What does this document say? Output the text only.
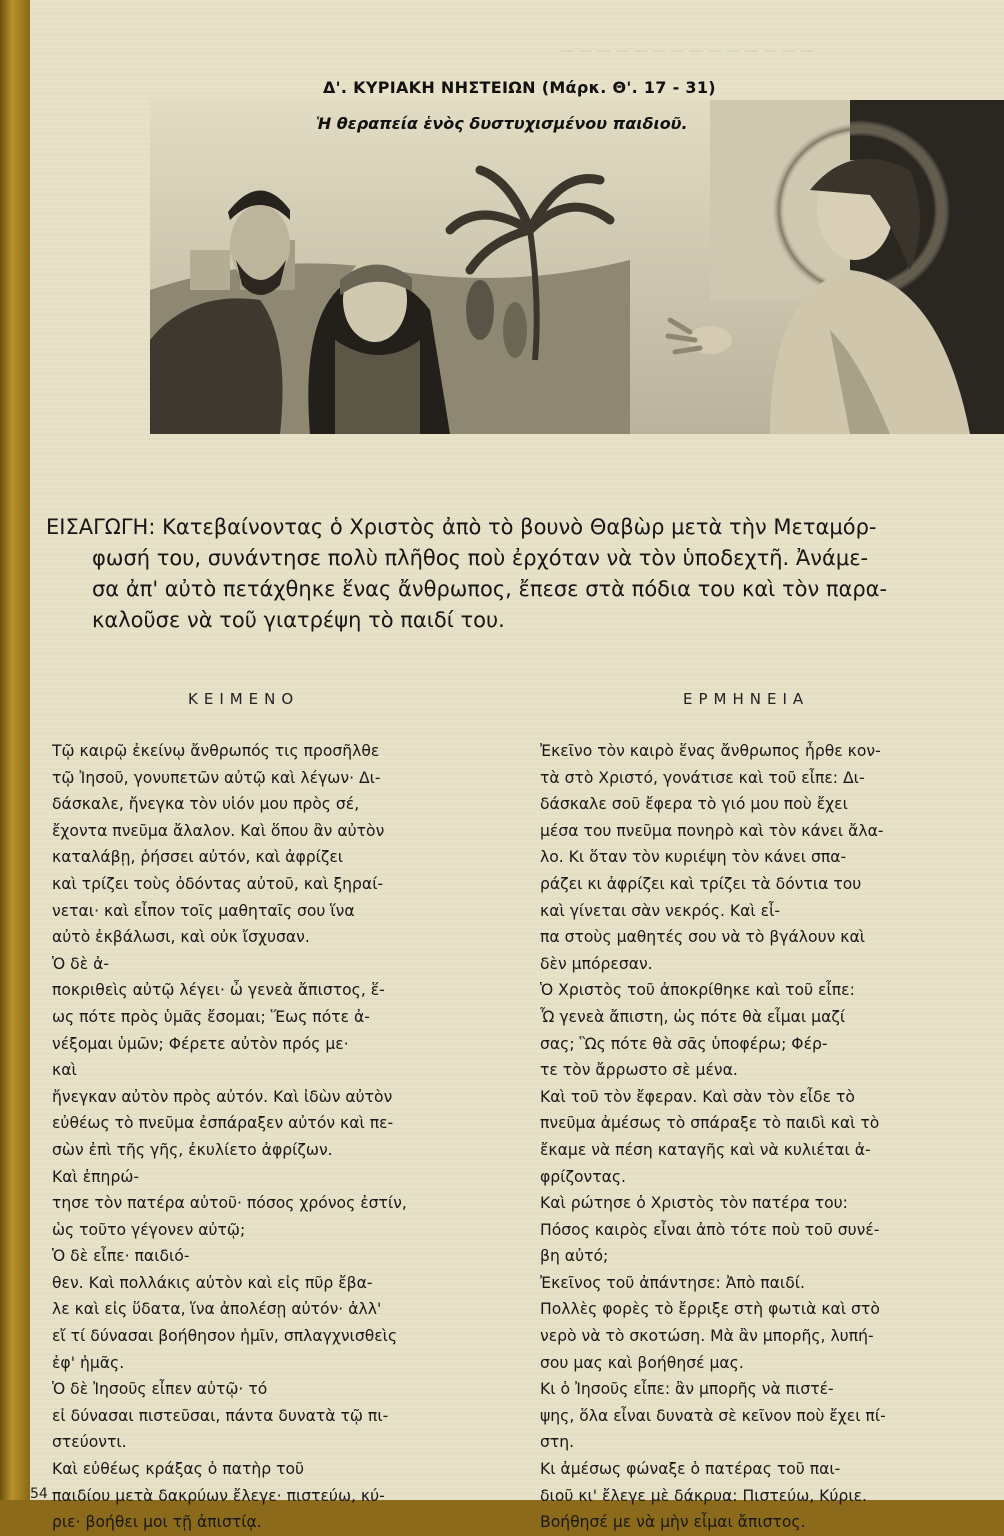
— — — — — — — — — — — — — —
Δ'. ΚΥΡΙΑΚΗ ΝΗΣΤΕΙΩΝ (Μάρκ. Θ'. 17 - 31)
Ἡ θεραπεία ἑνὸς δυστυχισμένου παιδιοῦ.

ΕΙΣΑΓΩΓΗ: Κατεβαίνοντας ὁ Χριστὸς ἀπὸ τὸ βουνὸ Θαβὼρ μετὰ τὴν Μεταμόρ-

φωσή του, συνάντησε πολὺ πλῆθος ποὺ ἐρχόταν νὰ τὸν ὑποδεχτῆ. Ἀνάμε-

σα ἀπ' αὐτὸ πετάχθηκε ἕνας ἄνθρωπος, ἔπεσε στὰ πόδια του καὶ τὸν παρα-

καλοῦσε νὰ τοῦ γιατρέψη τὸ παιδί του.

ΚΕΙΜΕΝΟ	ΕΡΜΗΝΕΙΑ
Τῷ καιρῷ ἐκείνῳ ἄνθρωπός τις προσῆλθε
τῷ Ἰησοῦ, γονυπετῶν αὐτῷ καὶ λέγων· Δι-
δάσκαλε, ἤνεγκα τὸν υἱόν μου πρὸς σέ,
ἔχοντα πνεῦμα ἄλαλον. Καὶ ὅπου ἂν αὐτὸν
καταλάβῃ, ῥήσσει αὐτόν, καὶ ἀφρίζει
καὶ τρίζει τοὺς ὀδόντας αὐτοῦ, καὶ ξηραί-
νεται· καὶ εἶπον τοῖς μαθηταῖς σου ἵνα
αὐτὸ ἐκβάλωσι, καὶ οὐκ ἴσχυσαν.
Ὁ δὲ ἀ-
ποκριθεὶς αὐτῷ λέγει· ὦ γενεὰ ἄπιστος, ἕ-
ως πότε πρὸς ὑμᾶς ἔσομαι; Ἕως πότε ἀ-
νέξομαι ὑμῶν; Φέρετε αὐτὸν πρός με·
καὶ
ἤνεγκαν αὐτὸν πρὸς αὐτόν. Καὶ ἰδὼν αὐτὸν
εὐθέως τὸ πνεῦμα ἐσπάραξεν αὐτόν καὶ πε-
σὼν ἐπὶ τῆς γῆς, ἐκυλίετο ἀφρίζων.
Καὶ ἐπηρώ-
τησε τὸν πατέρα αὐτοῦ· πόσος χρόνος ἐστίν,
ὡς τοῦτο γέγονεν αὐτῷ;
Ὁ δὲ εἶπε· παιδιό-
θεν. Καὶ πολλάκις αὐτὸν καὶ εἰς πῦρ ἔβα-
λε καὶ εἰς ὕδατα, ἵνα ἀπολέσῃ αὐτόν· ἀλλ'
εἴ τί δύνασαι βοήθησον ἡμῖν, σπλαγχνισθεὶς
ἐφ' ἡμᾶς.
Ὁ δὲ Ἰησοῦς εἶπεν αὐτῷ· τό
εἰ δύνασαι πιστεῦσαι, πάντα δυνατὰ τῷ πι-
στεύοντι.
Καὶ εὐθέως κράξας ὁ πατὴρ τοῦ
παιδίου μετὰ δακρύων ἔλεγε· πιστεύω, κύ-
ριε· βοήθει μοι τῇ ἀπιστίᾳ.
Ἐκεῖνο τὸν καιρὸ ἕνας ἄνθρωπος ἦρθε κον-
τὰ στὸ Χριστό, γονάτισε καὶ τοῦ εἶπε: Δι-
δάσκαλε σοῦ ἔφερα τὸ γιό μου ποὺ ἔχει
μέσα του πνεῦμα πονηρὸ καὶ τὸν κάνει ἄλα-
λο. Κι ὅταν τὸν κυριέψη τὸν κάνει σπα-
ράζει κι ἀφρίζει καὶ τρίζει τὰ δόντια του
καὶ γίνεται σὰν νεκρός. Καὶ εἶ-
πα στοὺς μαθητές σου νὰ τὸ βγάλουν καὶ
δὲν μπόρεσαν.
Ὁ Χριστὸς τοῦ ἀποκρίθηκε καὶ τοῦ εἶπε:
Ὦ γενεὰ ἄπιστη, ὡς πότε θὰ εἶμαι μαζί
σας; Ὣς πότε θὰ σᾶς ὑποφέρω; Φέρ-
τε τὸν ἄρρωστο σὲ μένα.
Καὶ τοῦ τὸν ἔφεραν. Καὶ σὰν τὸν εἶδε τὸ
πνεῦμα ἀμέσως τὸ σπάραξε τὸ παιδὶ καὶ τὸ
ἔκαμε νὰ πέση καταγῆς καὶ νὰ κυλιέται ἀ-
φρίζοντας.
Καὶ ρώτησε ὁ Χριστὸς τὸν πατέρα του:
Πόσος καιρὸς εἶναι ἀπὸ τότε ποὺ τοῦ συνέ-
βη αὐτό;
Ἐκεῖνος τοῦ ἀπάντησε: Ἀπὸ παιδί.
Πολλὲς φορὲς τὸ ἔρριξε στὴ φωτιὰ καὶ στὸ
νερὸ νὰ τὸ σκοτώση. Μὰ ἂν μπορῆς, λυπή-
σου μας καὶ βοήθησέ μας.
Κι ὁ Ἰησοῦς εἶπε: ἂν μπορῆς νὰ πιστέ-
ψης, ὅλα εἶναι δυνατὰ σὲ κεῖνον ποὺ ἔχει πί-
στη.
Κι ἀμέσως φώναξε ὁ πατέρας τοῦ παι-
διοῦ κι' ἔλεγε μὲ δάκρυα: Πιστεύω, Κύριε.
Βοήθησέ με νὰ μὴν εἶμαι ἄπιστος.
54
